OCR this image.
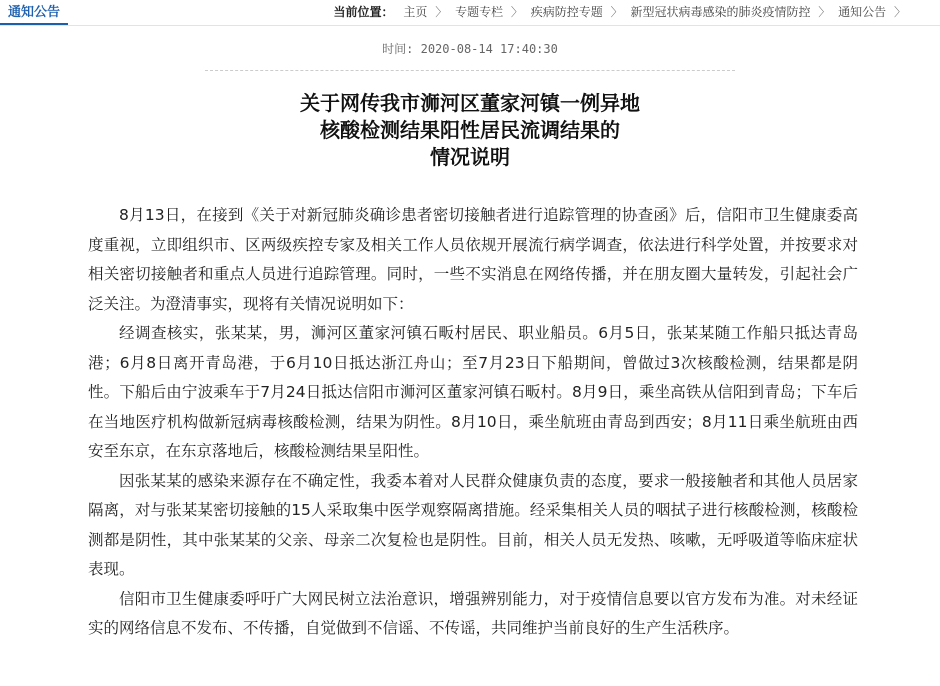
通知公告	当前位置： 主页 〉 专题专栏 〉 疾病防控专题 〉 新型冠状病毒感染的肺炎疫情防控 〉 通知公告 〉
时间: 2020-08-14 17:40:30
关于网传我市浉河区董家河镇一例异地
核酸检测结果阳性居民流调结果的
情况说明

8月13日，在接到《关于对新冠肺炎确诊患者密切接触者进行追踪管理的协查函》后，信阳市卫生健康委高度重视，立即组织市、区两级疾控专家及相关工作人员依规开展流行病学调查，依法进行科学处置，并按要求对相关密切接触者和重点人员进行追踪管理。同时，一些不实消息在网络传播，并在朋友圈大量转发，引起社会广泛关注。为澄清事实，现将有关情况说明如下：

经调查核实，张某某，男，浉河区董家河镇石畈村居民、职业船员。6月5日，张某某随工作船只抵达青岛港；6月8日离开青岛港，于6月10日抵达浙江舟山；至7月23日下船期间，曾做过3次核酸检测，结果都是阴性。下船后由宁波乘车于7月24日抵达信阳市浉河区董家河镇石畈村。8月9日，乘坐高铁从信阳到青岛；下车后在当地医疗机构做新冠病毒核酸检测，结果为阴性。8月10日，乘坐航班由青岛到西安；8月11日乘坐航班由西安至东京，在东京落地后，核酸检测结果呈阳性。

因张某某的感染来源存在不确定性，我委本着对人民群众健康负责的态度，要求一般接触者和其他人员居家隔离，对与张某某密切接触的15人采取集中医学观察隔离措施。经采集相关人员的咽拭子进行核酸检测，核酸检测都是阴性，其中张某某的父亲、母亲二次复检也是阴性。目前，相关人员无发热、咳嗽，无呼吸道等临床症状表现。

信阳市卫生健康委呼吁广大网民树立法治意识，增强辨别能力，对于疫情信息要以官方发布为准。对未经证实的网络信息不发布、不传播，自觉做到不信谣、不传谣，共同维护当前良好的生产生活秩序。
